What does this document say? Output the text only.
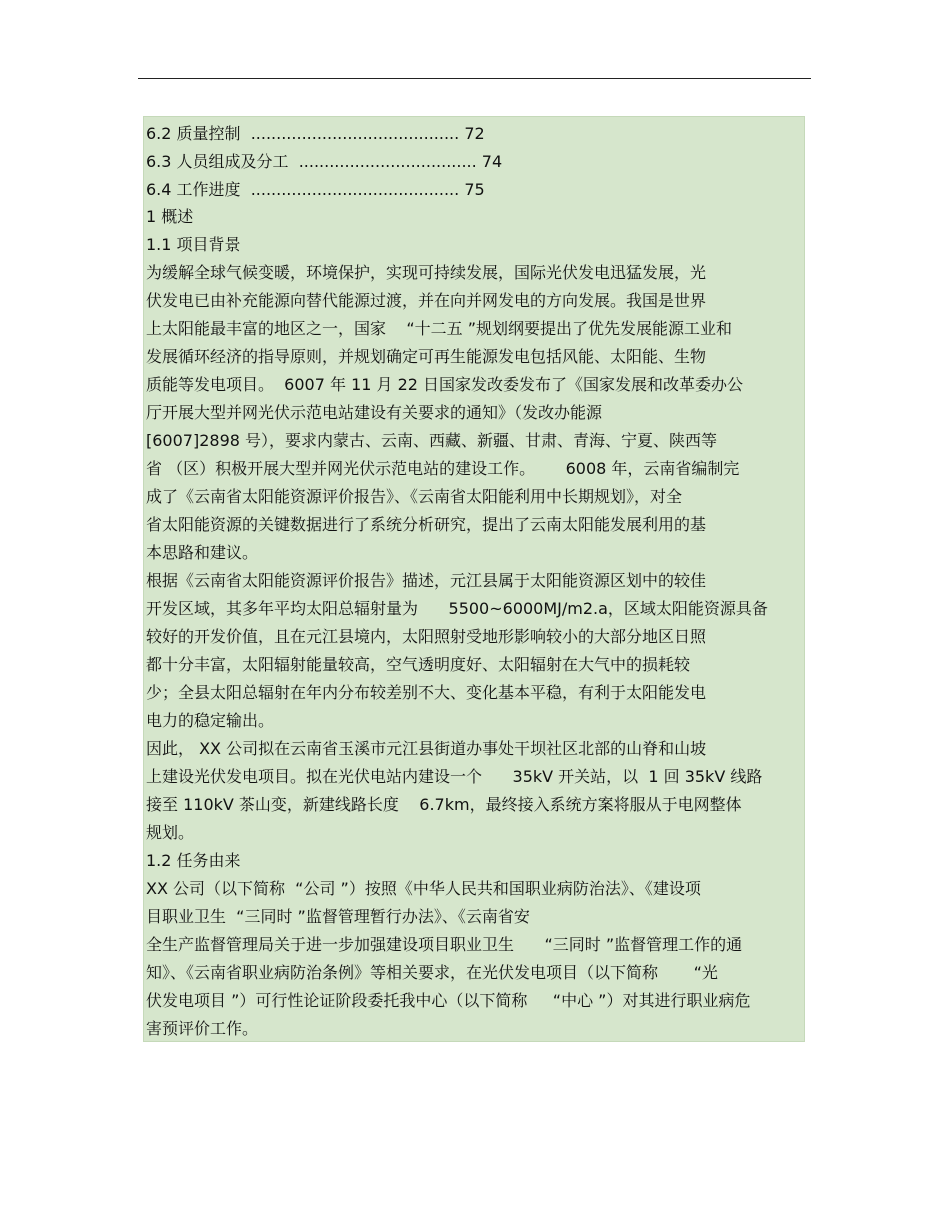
6.2 质量控制  ......................................... 72
6.3 人员组成及分工  ................................... 74
6.4 工作进度  ......................................... 75
1 概述
1.1 项目背景
为缓解全球气候变暖，环境保护，实现可持续发展，国际光伏发电迅猛发展，光
伏发电已由补充能源向替代能源过渡，并在向并网发电的方向发展。我国是世界
上太阳能最丰富的地区之一，国家    “十二五 ”规划纲要提出了优先发展能源工业和
发展循环经济的指导原则，并规划确定可再生能源发电包括风能、太阳能、生物
质能等发电项目。  6007 年 11 月 22 日国家发改委发布了《国家发展和改革委办公
厅开展大型并网光伏示范电站建设有关要求的通知》（发改办能源
[6007]2898 号），要求内蒙古、云南、西藏、新疆、甘肃、青海、宁夏、陕西等
省 （区）积极开展大型并网光伏示范电站的建设工作。      6008 年，云南省编制完
成了《云南省太阳能资源评价报告》、《云南省太阳能利用中长期规划》，对全
省太阳能资源的关键数据进行了系统分析研究，提出了云南太阳能发展利用的基
本思路和建议。
根据《云南省太阳能资源评价报告》描述，元江县属于太阳能资源区划中的较佳
开发区域，其多年平均太阳总辐射量为      5500~6000MJ/m2.a，区域太阳能资源具备
较好的开发价值，且在元江县境内，太阳照射受地形影响较小的大部分地区日照
都十分丰富，太阳辐射能量较高，空气透明度好、太阳辐射在大气中的损耗较
少；全县太阳总辐射在年内分布较差别不大、变化基本平稳，有利于太阳能发电
电力的稳定输出。
因此， XX 公司拟在云南省玉溪市元江县街道办事处干坝社区北部的山脊和山坡
上建设光伏发电项目。拟在光伏电站内建设一个      35kV 开关站，以  1 回 35kV 线路
接至 110kV 茶山变，新建线路长度    6.7km，最终接入系统方案将服从于电网整体
规划。
1.2 任务由来
XX 公司（以下简称  “公司 ”）按照《中华人民共和国职业病防治法》、《建设项
目职业卫生  “三同时 ”监督管理暂行办法》、《云南省安
全生产监督管理局关于进一步加强建设项目职业卫生      “三同时 ”监督管理工作的通
知》、《云南省职业病防治条例》等相关要求，在光伏发电项目（以下简称       “光
伏发电项目 ”）可行性论证阶段委托我中心（以下简称     “中心 ”）对其进行职业病危
害预评价工作。
